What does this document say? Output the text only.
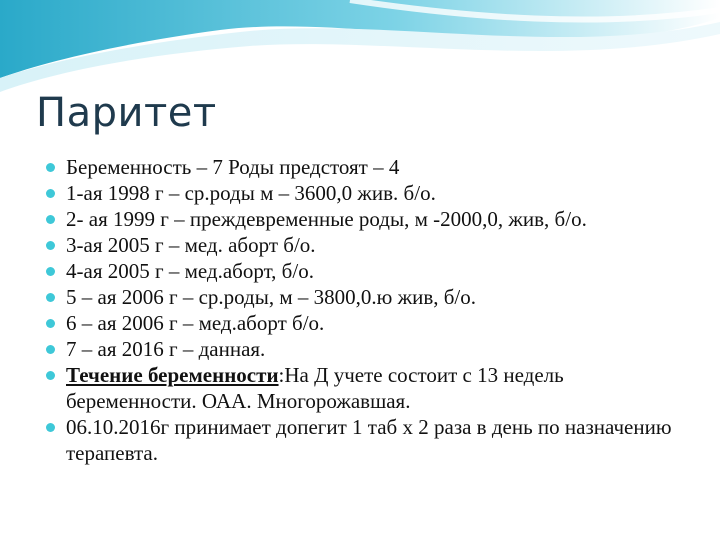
Паритет
Беременность – 7 Роды предстоят – 4
1-ая 1998 г – ср.роды м – 3600,0 жив. б/о.
2- ая 1999 г – преждевременные роды, м -2000,0, жив, б/о.
3-ая 2005 г – мед. аборт б/о.
4-ая 2005 г – мед.аборт, б/о.
5 – ая 2006 г – ср.роды, м – 3800,0.ю жив, б/о.
6 – ая 2006 г – мед.аборт б/о.
7 – ая 2016 г – данная.
Течение беременности:На Д учете состоит с 13 недель беременности. ОАА. Многорожавшая.
06.10.2016г принимает допегит 1 таб х 2 раза в день по назначению терапевта.
